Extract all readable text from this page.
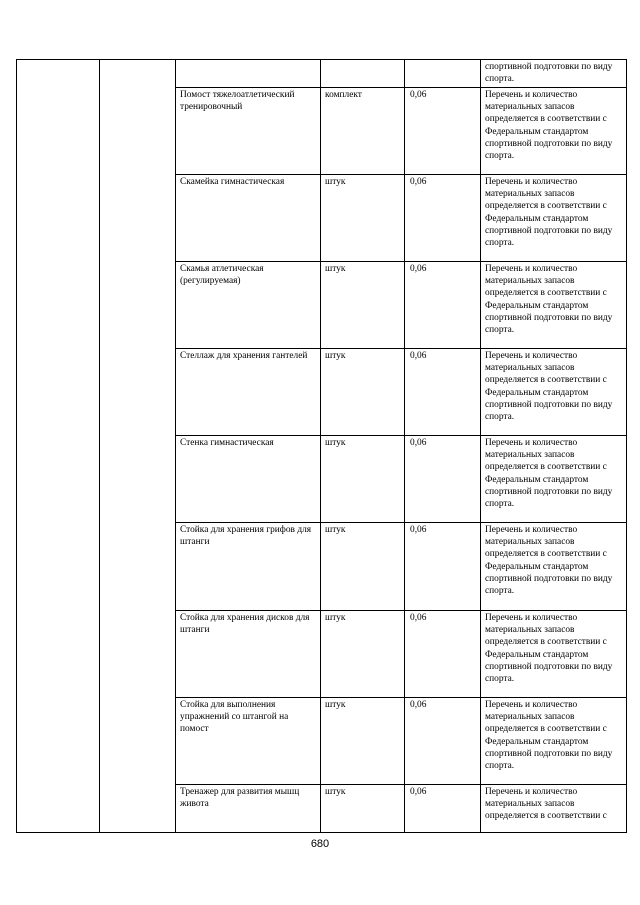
					спортивной подготовки по виду спорта.
		Помост тяжелоатлетический тренировочный	комплект	0,06	Перечень и количество материальных запасов определяется в соответствии с Федеральным стандартом спортивной подготовки по виду спорта.
		Скамейка гимнастическая	штук	0,06	Перечень и количество материальных запасов определяется в соответствии с Федеральным стандартом спортивной подготовки по виду спорта.
		Скамья атлетическая (регулируемая)	штук	0,06	Перечень и количество материальных запасов определяется в соответствии с Федеральным стандартом спортивной подготовки по виду спорта.
		Стеллаж для хранения гантелей	штук	0,06	Перечень и количество материальных запасов определяется в соответствии с Федеральным стандартом спортивной подготовки по виду спорта.
		Стенка гимнастическая	штук	0,06	Перечень и количество материальных запасов определяется в соответствии с Федеральным стандартом спортивной подготовки по виду спорта.
		Стойка для хранения грифов для штанги	штук	0,06	Перечень и количество материальных запасов определяется в соответствии с Федеральным стандартом спортивной подготовки по виду спорта.
		Стойка для хранения дисков для штанги	штук	0,06	Перечень и количество материальных запасов определяется в соответствии с Федеральным стандартом спортивной подготовки по виду спорта.
		Стойка для выполнения упражнений со штангой на помост	штук	0,06	Перечень и количество материальных запасов определяется в соответствии с Федеральным стандартом спортивной подготовки по виду спорта.
		Тренажер для развития мышц живота	штук	0,06	Перечень и количество материальных запасов определяется в соответствии с
680
